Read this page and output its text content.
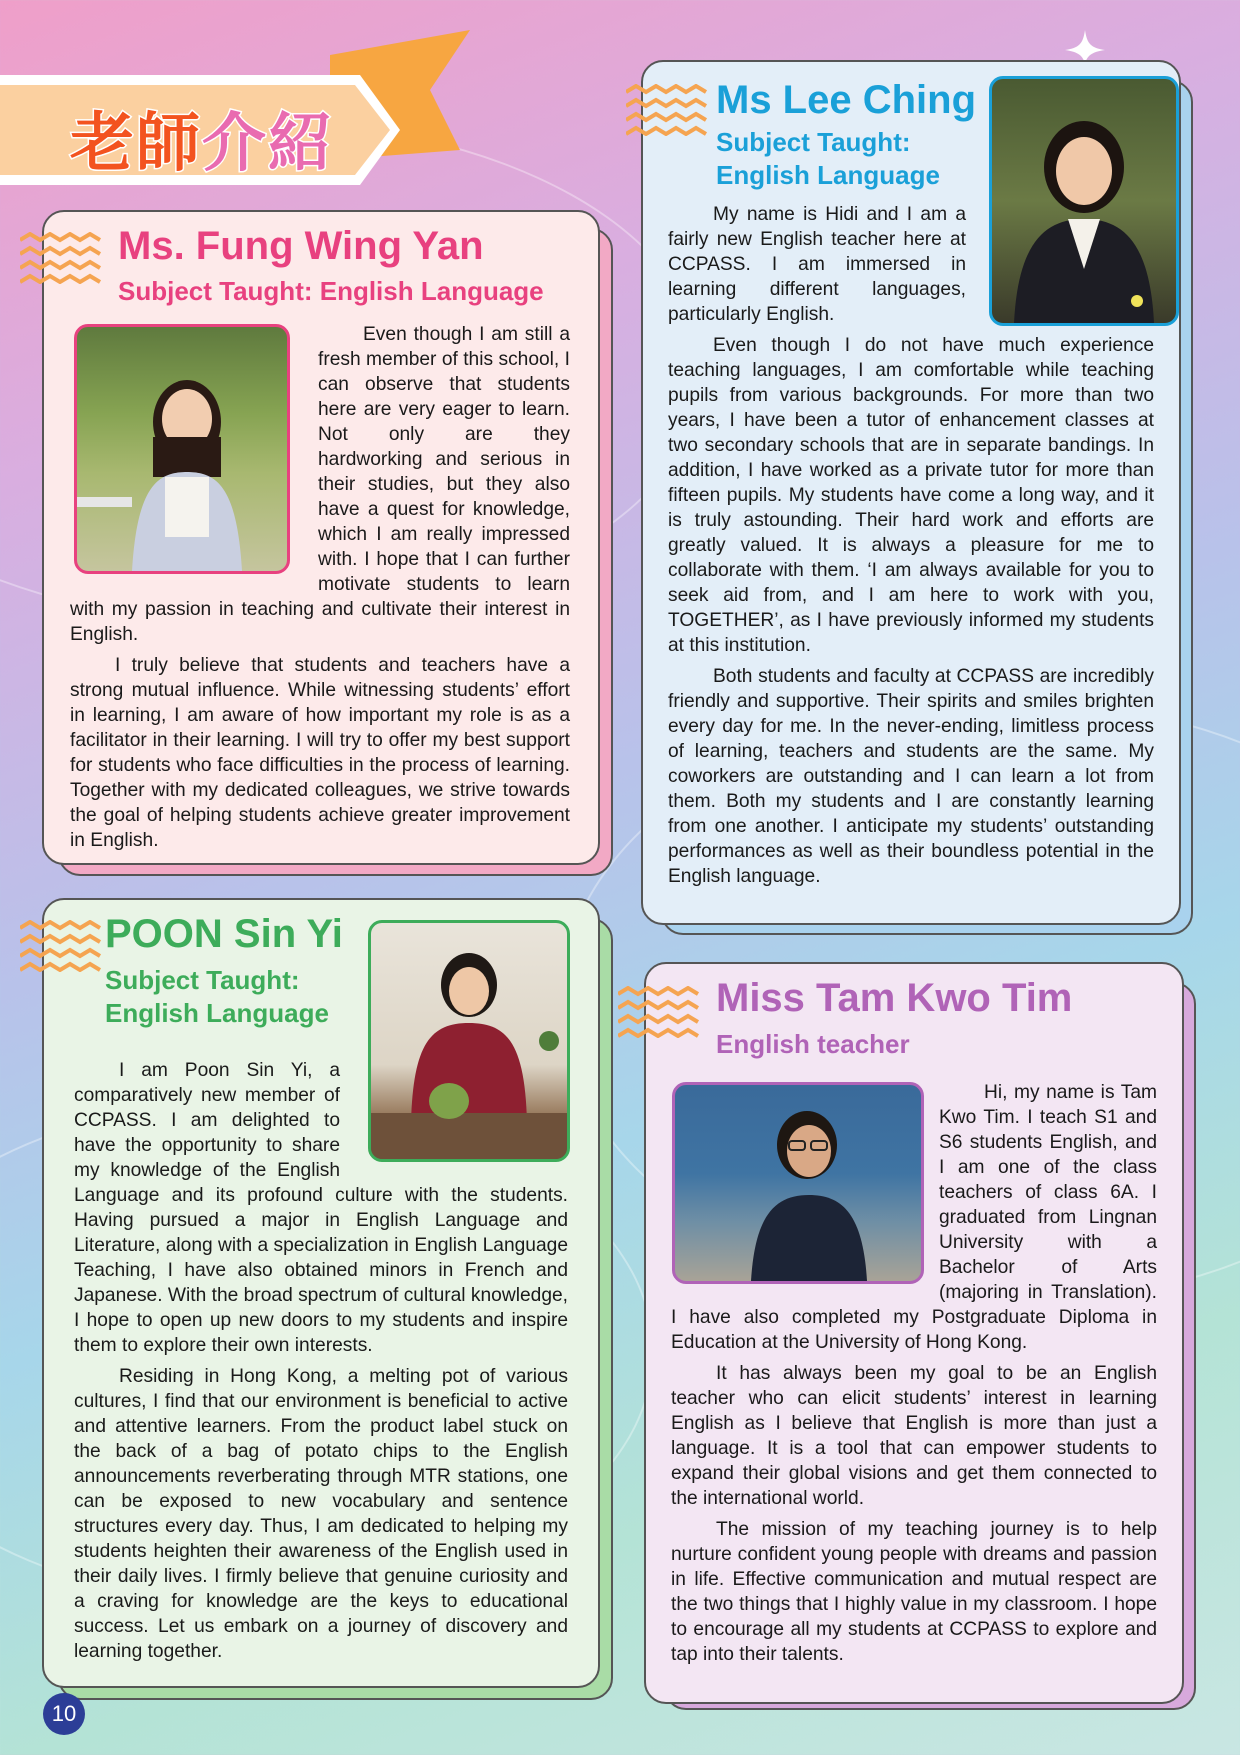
老師介紹
Ms. Fung Wing Yan
Subject Taught: English Language

Even though I am still a fresh member of this school, I can observe that students here are very eager to learn. Not only are they hardworking and serious in their studies, but they also have a quest for knowledge, which I am really impressed with. I hope that I can further motivate students to learn with my passion in teaching and cultivate their interest in English.

I truly believe that students and teachers have a strong mutual influence. While witnessing students’ effort in learning, I am aware of how important my role is as a facilitator in their learning. I will try to offer my best support for students who face difficulties in the process of learning. Together with my dedicated colleagues, we strive towards the goal of helping students achieve greater improvement in English.

Ms Lee Ching
Subject Taught:
English Language

My name is Hidi and I am a fairly new English teacher here at CCPASS. I am immersed in learning different languages, particularly English.

Even though I do not have much experience teaching languages, I am comfortable while teaching pupils from various backgrounds. For more than two years, I have been a tutor of enhancement classes at two secondary schools that are in separate bandings. In addition, I have worked as a private tutor for more than fifteen pupils. My students have come a long way, and it is truly astounding. Their hard work and efforts are greatly valued. It is always a pleasure for me to collaborate with them. ‘I am always available for you to seek aid from, and I am here to work with you, TOGETHER’, as I have previously informed my students at this institution.

Both students and faculty at CCPASS are incredibly friendly and supportive. Their spirits and smiles brighten every day for me. In the never-ending, limitless process of learning, teachers and students are the same. My coworkers are outstanding and I can learn a lot from them. Both my students and I are constantly learning from one another. I anticipate my students’ outstanding performances as well as their boundless potential in the English language.

POON Sin Yi
Subject Taught:
English Language

I am Poon Sin Yi, a comparatively new member of CCPASS. I am delighted to have the opportunity to share my knowledge of the English Language and its profound culture with the students. Having pursued a major in English Language and Literature, along with a specialization in English Language Teaching, I have also obtained minors in French and Japanese. With the broad spectrum of cultural knowledge, I hope to open up new doors to my students and inspire them to explore their own interests.

Residing in Hong Kong, a melting pot of various cultures, I find that our environment is beneficial to active and attentive learners. From the product label stuck on the back of a bag of potato chips to the English announcements reverberating through MTR stations, one can be exposed to new vocabulary and sentence structures every day. Thus, I am dedicated to helping my students heighten their awareness of the English used in their daily lives. I firmly believe that genuine curiosity and a craving for knowledge are the keys to educational success. Let us embark on a journey of discovery and learning together.

Miss Tam Kwo Tim
English teacher

Hi, my name is Tam Kwo Tim. I teach S1 and S6 students English, and I am one of the class teachers of class 6A. I graduated from Lingnan University with a Bachelor of Arts (majoring in Translation). I have also completed my Postgraduate Diploma in Education at the University of Hong Kong.

It has always been my goal to be an English teacher who can elicit students’ interest in learning English as I believe that English is more than just a language. It is a tool that can empower students to expand their global visions and get them connected to the international world.

The mission of my teaching journey is to help nurture confident young people with dreams and passion in life. Effective communication and mutual respect are the two things that I highly value in my classroom. I hope to encourage all my students at CCPASS to explore and tap into their talents.

10
